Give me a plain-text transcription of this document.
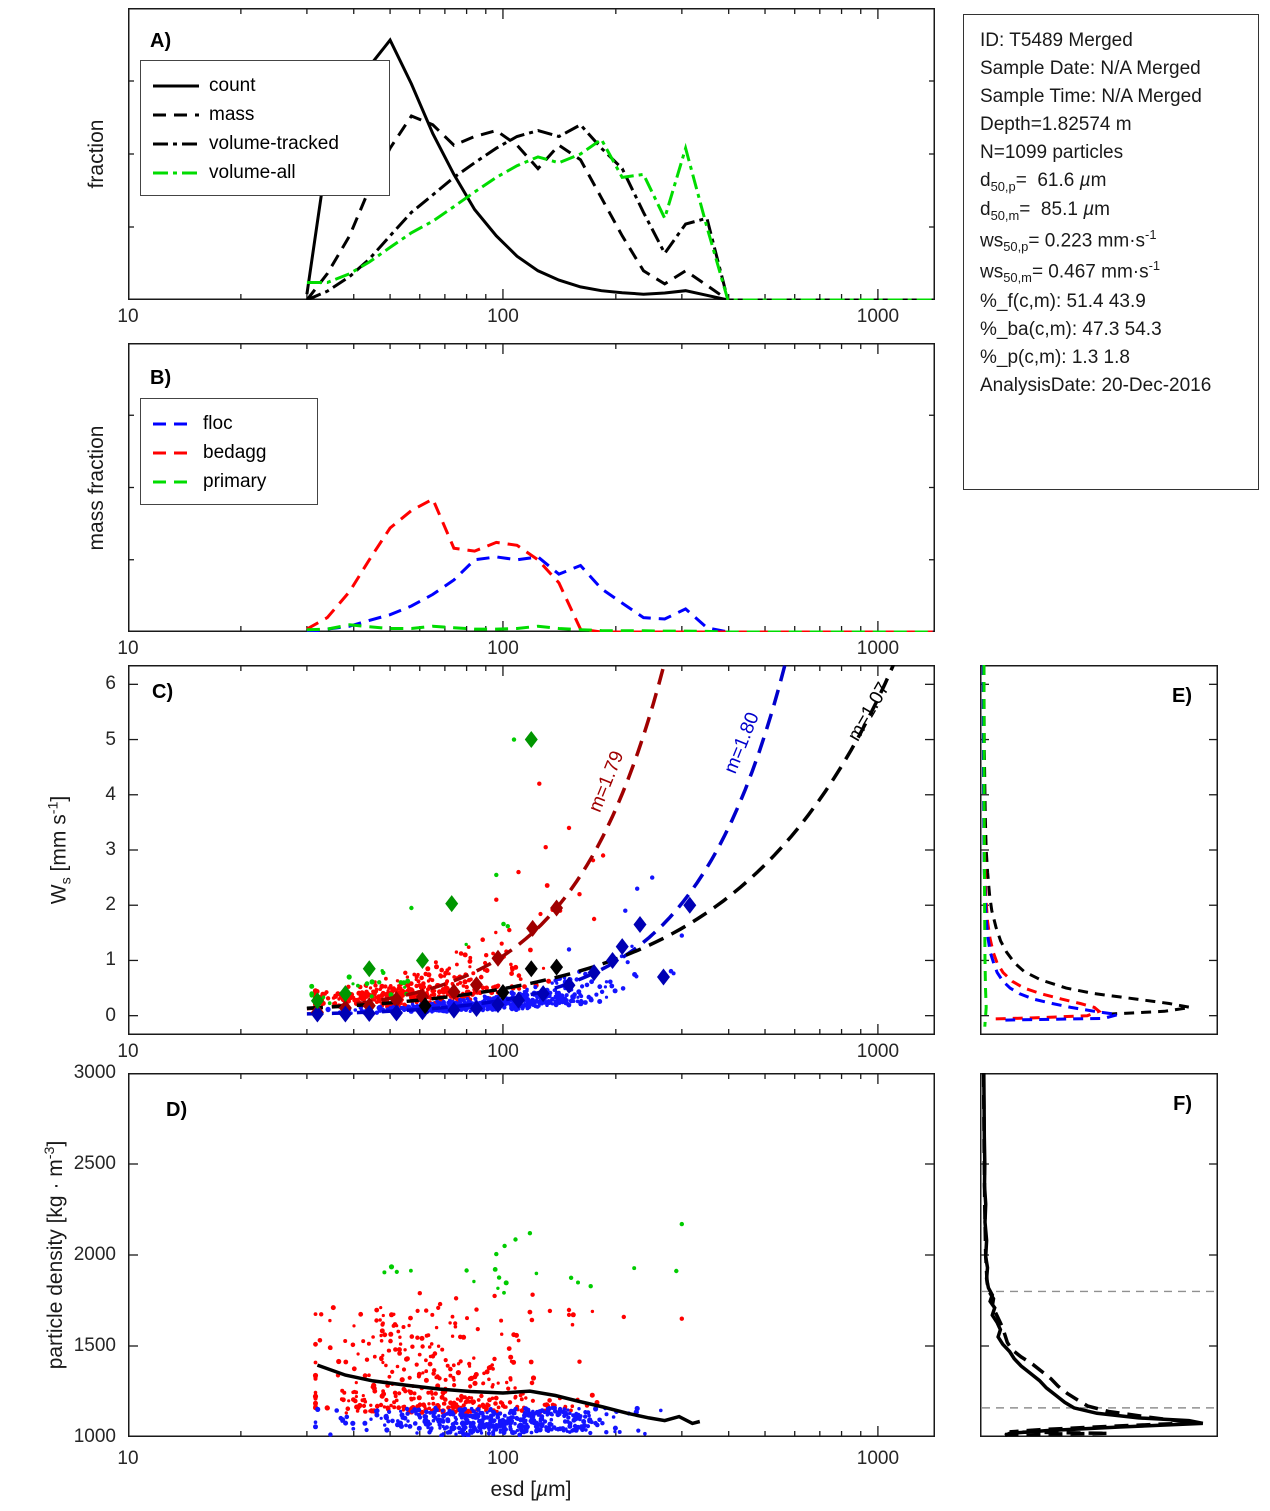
fraction
mass fraction
$W_s$ [mm $s^{-1}$]
particle density $[kg \cdot m^{-3}]$
esd [µm]
A)
count
mass
volume-tracked
volume-all
B)
floc
bedagg
primary
m=1.79
m=1.80	m=1.07
C)
D)
E)
F)
ID: T5489 Merged
Sample Date: N/A Merged
Sample Time: N/A Merged
Depth=1.82574 m
N=1099 particles
$d_{50,p}= 61.6$ µm
$d_{50,m}= 85.1$ µm
$ws_{50,p}= 0.223$ $mm\cdot s^{-1}$
$ws_{50,m}= 0.467$ $mm\cdot s^{-1}$
%_f(c,m): 51.4 43.9
%_ba(c,m): 47.3 54.3
%_p(c,m): 1.3 1.8
AnalysisDate: 20-Dec-2016
10	100	1000
10	100	1000
10	100	1000
10	100	1000
0
1
2
3
4
5
6
1000
1500
2000
2500
3000
